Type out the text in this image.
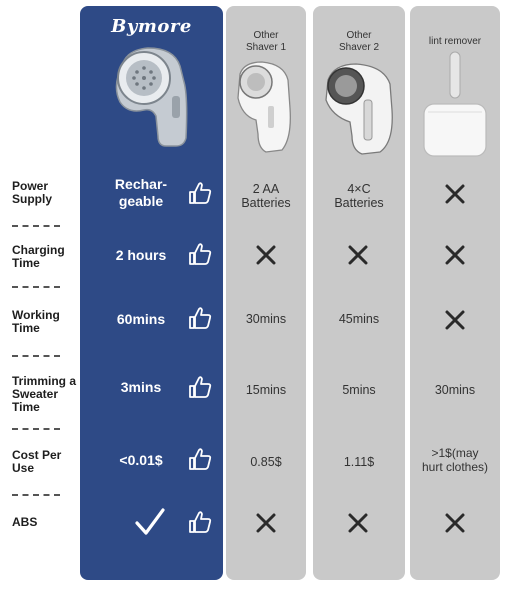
Bymore	Other
Shaver 1
Other
Shaver 2
lint remover
Power Supply
Charging Time
Working Time
Trimming a Sweater Time
Cost Per Use
ABS
Rechar-
geable
2 hours
60mins
3mins
<0.01$
2 AA
Batteries
30mins
15mins
0.85$
4×C
Batteries
45mins
5mins
1.11$
30mins
>1$(may
hurt clothes)
